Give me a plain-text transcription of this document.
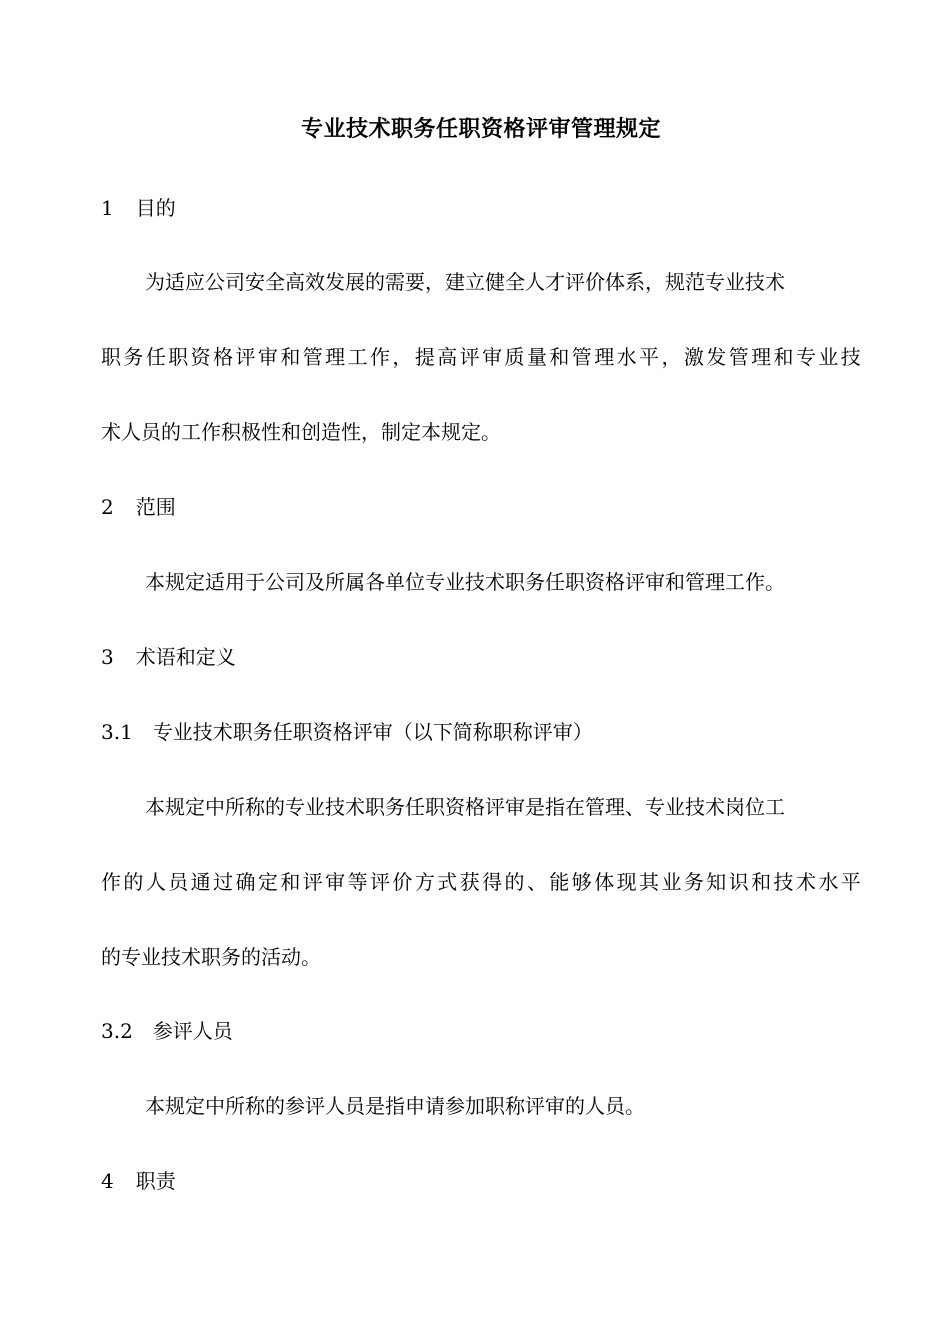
专业技术职务任职资格评审管理规定
1 目的
为适应公司安全高效发展的需要，建立健全人才评价体系，规范专业技术
职务任职资格评审和管理工作，提高评审质量和管理水平，激发管理和专业技
术人员的工作积极性和创造性，制定本规定。
2 范围
本规定适用于公司及所属各单位专业技术职务任职资格评审和管理工作。
3 术语和定义
3.1 专业技术职务任职资格评审（以下简称职称评审）
本规定中所称的专业技术职务任职资格评审是指在管理、专业技术岗位工
作的人员通过确定和评审等评价方式获得的、能够体现其业务知识和技术水平
的专业技术职务的活动。
3.2 参评人员
本规定中所称的参评人员是指申请参加职称评审的人员。
4 职责
